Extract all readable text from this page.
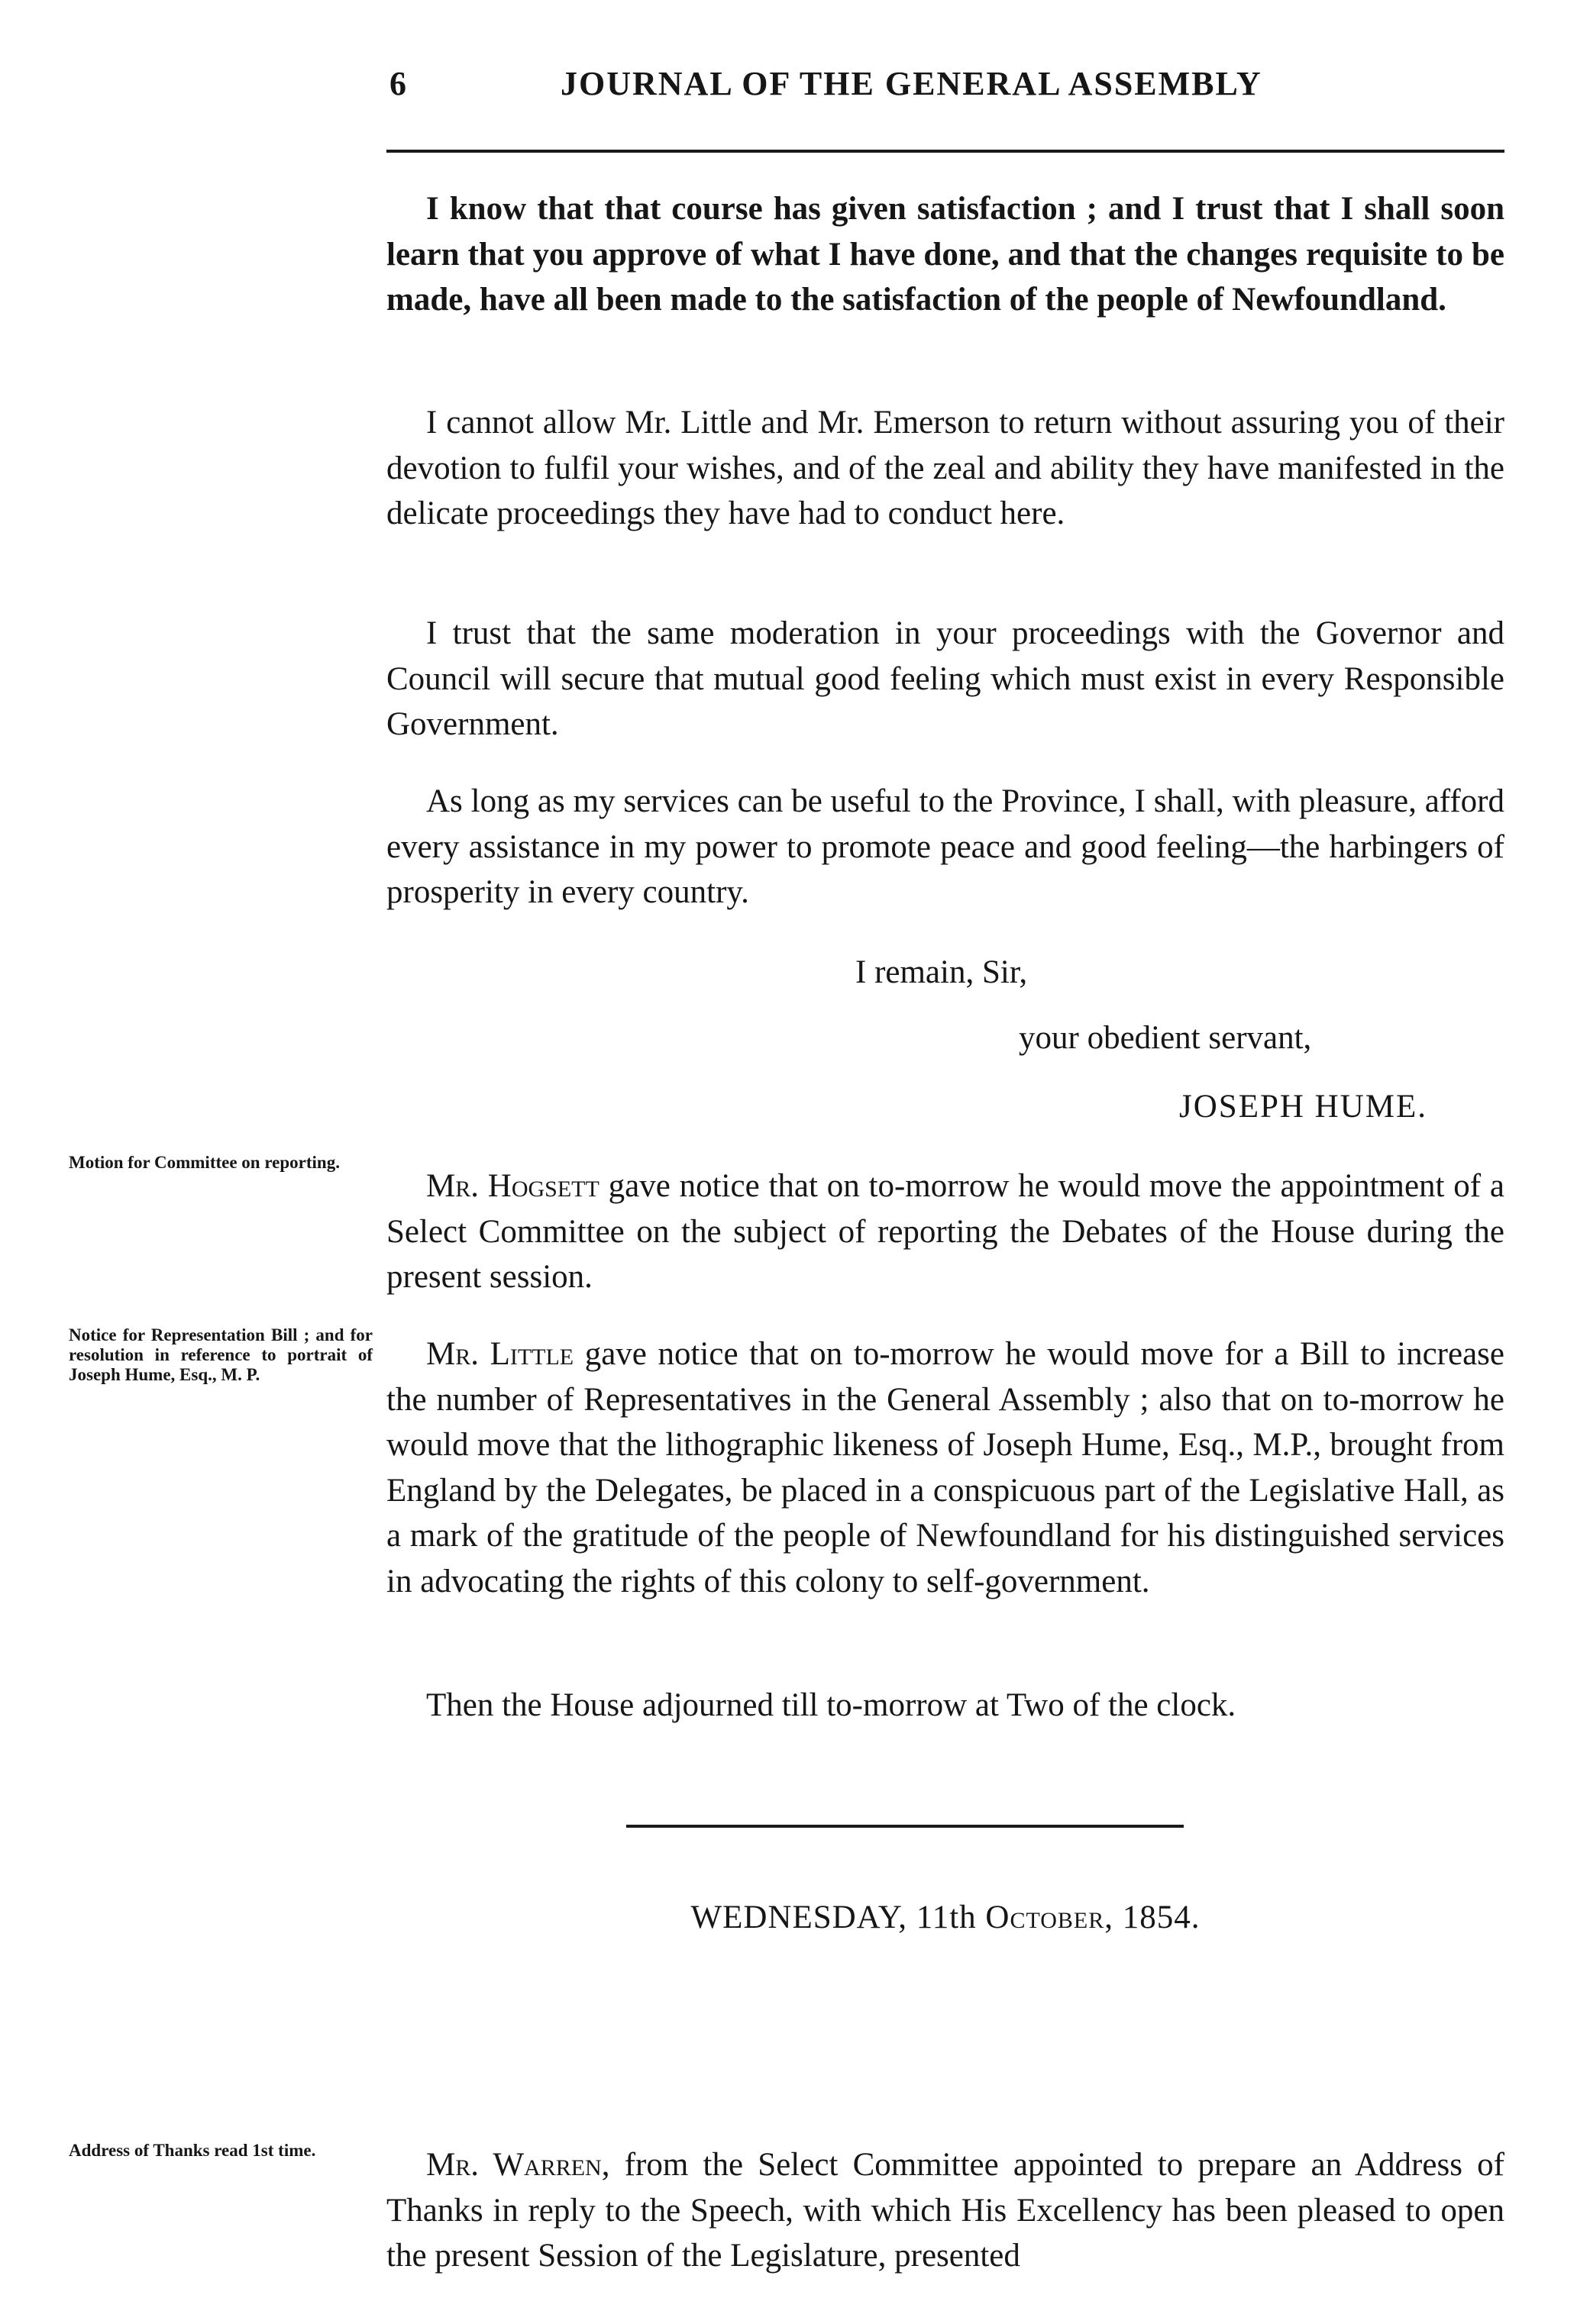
6	JOURNAL OF THE GENERAL ASSEMBLY

I know that that course has given satisfaction ; and I trust that I shall soon learn that you approve of what I have done, and that the changes requisite to be made, have all been made to the satisfaction of the people of Newfoundland.

I cannot allow Mr. Little and Mr. Emerson to return without assuring you of their devotion to fulfil your wishes, and of the zeal and ability they have manifested in the delicate proceedings they have had to conduct here.

I trust that the same moderation in your proceedings with the Governor and Council will secure that mutual good feeling which must exist in every Responsible Government.

As long as my services can be useful to the Province, I shall, with pleasure, afford every assistance in my power to promote peace and good feeling—the harbingers of prosperity in every country.

I remain, Sir,
your obedient servant,
JOSEPH HUME.
Motion for Committee on reporting.

Mr. Hogsett gave notice that on to-morrow he would move the appointment of a Select Committee on the subject of reporting the Debates of the House during the present session.

Notice for Representation Bill ; and for resolution in reference to portrait of Joseph Hume, Esq., M. P.

Mr. Little gave notice that on to-morrow he would move for a Bill to increase the number of Representatives in the General Assembly ; also that on to-morrow he would move that the lithographic likeness of Joseph Hume, Esq., M.P., brought from England by the Delegates, be placed in a conspicuous part of the Legislative Hall, as a mark of the gratitude of the people of Newfoundland for his distinguished services in advocating the rights of this colony to self-government.

Then the House adjourned till to-morrow at Two of the clock.

WEDNESDAY, 11th October, 1854.
Address of Thanks read 1st time.	Mr. Warren, from the Select Committee appointed to prepare an Address of Thanks in reply to the Speech, with which His Excellency has been pleased to open the present Session of the Legislature, presented
